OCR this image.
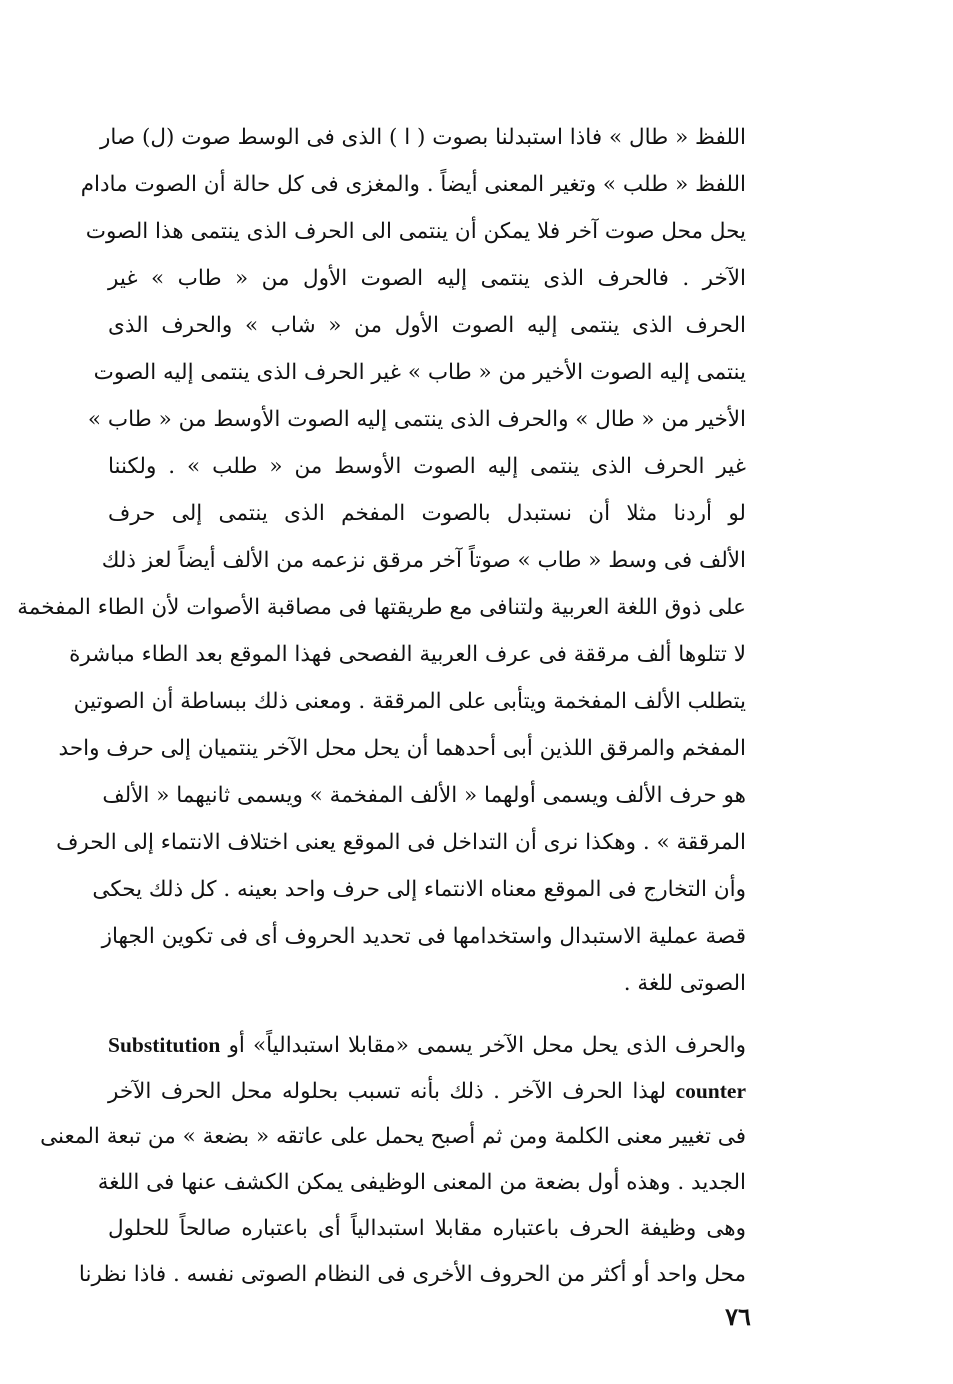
اللفظ « طال » فاذا استبدلنا بصوت ( ا ) الذى فى الوسط صوت (ل) صار
اللفظ « طلب » وتغير المعنى أيضاً . والمغزى فى كل حالة أن الصوت مادام
يحل محل صوت آخر فلا يمكن أن ينتمى الى الحرف الذى ينتمى هذا الصوت
الآخر . فالحرف الذى ينتمى إليه الصوت الأول من « طاب » غير
الحرف الذى ينتمى إليه الصوت الأول من « شاب » والحرف الذى
ينتمى إليه الصوت الأخير من « طاب » غير الحرف الذى ينتمى إليه الصوت
الأخير من « طال » والحرف الذى ينتمى إليه الصوت الأوسط من « طاب »
غير الحرف الذى ينتمى إليه الصوت الأوسط من « طلب » . ولكننا
لو أردنا مثلا أن نستبدل بالصوت المفخم الذى ينتمى إلى حرف
الألف فى وسط « طاب » صوتاً آخر مرقق نزعمه من الألف أيضاً لعز ذلك
على ذوق اللغة العربية ولتنافى مع طريقتها فى مصاقبة الأصوات لأن الطاء المفخمة
لا تتلوها ألف مرققة فى عرف العربية الفصحى فهذا الموقع بعد الطاء مباشرة
يتطلب الألف المفخمة ويتأبى على المرققة . ومعنى ذلك ببساطة أن الصوتين
المفخم والمرقق اللذين أبى أحدهما أن يحل محل الآخر ينتميان إلى حرف واحد
هو حرف الألف ويسمى أولهما « الألف المفخمة » ويسمى ثانيهما « الألف
المرققة » . وهكذا نرى أن التداخل فى الموقع يعنى اختلاف الانتماء إلى الحرف
وأن التخارج فى الموقع معناه الانتماء إلى حرف واحد بعينه . كل ذلك يحكى
قصة عملية الاستبدال واستخدامها فى تحديد الحروف أى فى تكوين الجهاز
الصوتى للغة .
والحرف الذى يحل محل الآخر يسمى «مقابلا استبدالياً» أو Substitution
counter لهذا الحرف الآخر . ذلك بأنه تسبب بحلوله محل الحرف الآخر
فى تغيير معنى الكلمة ومن ثم أصبح يحمل على عاتقه « بضعة » من تبعة المعنى
الجديد . وهذه أول بضعة من المعنى الوظيفى يمكن الكشف عنها فى اللغة
وهى وظيفة الحرف باعتباره مقابلا استبدالياً أى باعتباره صالحاً للحلول
محل واحد أو أكثر من الحروف الأخرى فى النظام الصوتى نفسه . فاذا نظرنا
٧٦
